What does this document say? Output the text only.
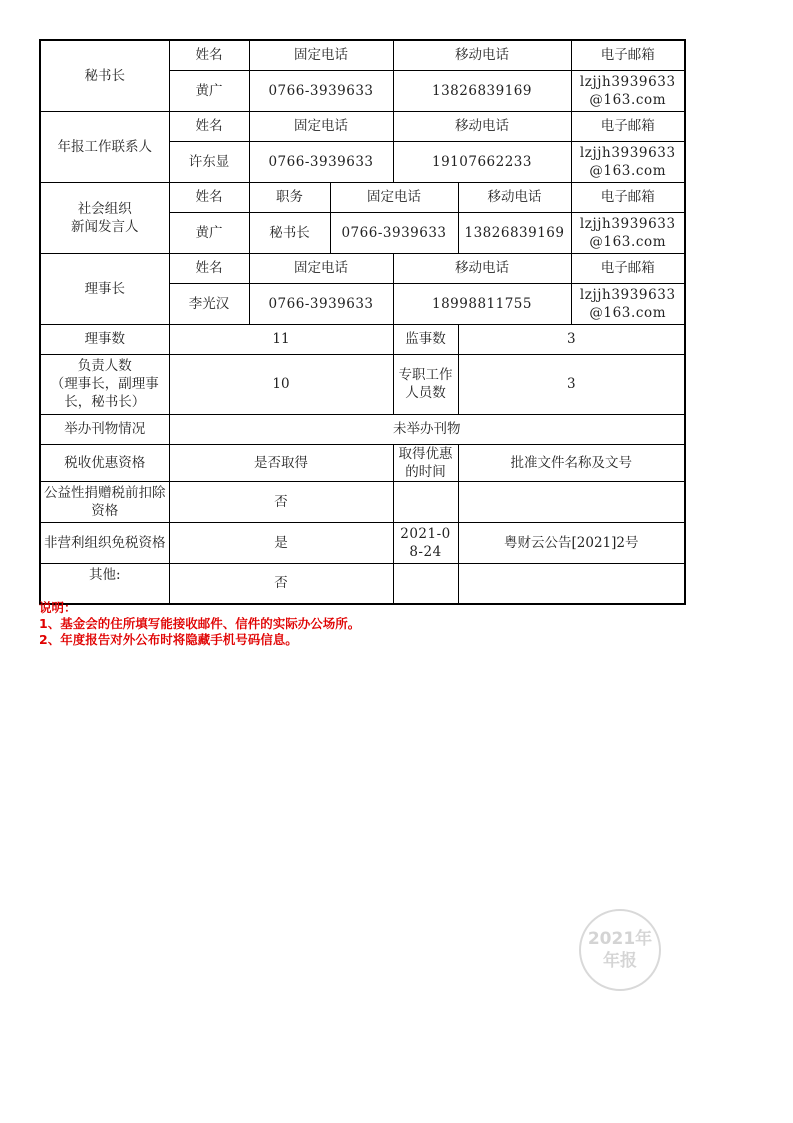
秘书长	姓名	固定电话		移动电话		电子邮箱
	黄广	0766-3939633		13826839169		lzjjh3939633@163.com
年报工作联系人	姓名	固定电话		移动电话		电子邮箱
	许东显	0766-3939633		19107662233		lzjjh3939633@163.com

社会组织
新闻发言人	姓名	职务	固定电话		移动电话	电子邮箱
	黄广	秘书长	0766-3939633		13826839169	lzjjh3939633@163.com
理事长	姓名	固定电话		移动电话		电子邮箱
	李光汉	0766-3939633		18998811755		lzjjh3939633@163.com
理事数	11			监事数	3	

负责人数
（理事长，副理事
长，秘书长）	10			专职工作人员数	3	
举办刊物情况	未举办刊物					
税收优惠资格	是否取得			取得优惠的时间	批准文件名称及文号	
公益性捐赠税前扣除资格	否					
非营利组织免税资格	是			2021-08-24	粤财云公告[2021]2号	
其他:	否					
说明：
1、基金会的住所填写能接收邮件、信件的实际办公场所。
2、年度报告对外公布时将隐藏手机号码信息。
2021年
年报
